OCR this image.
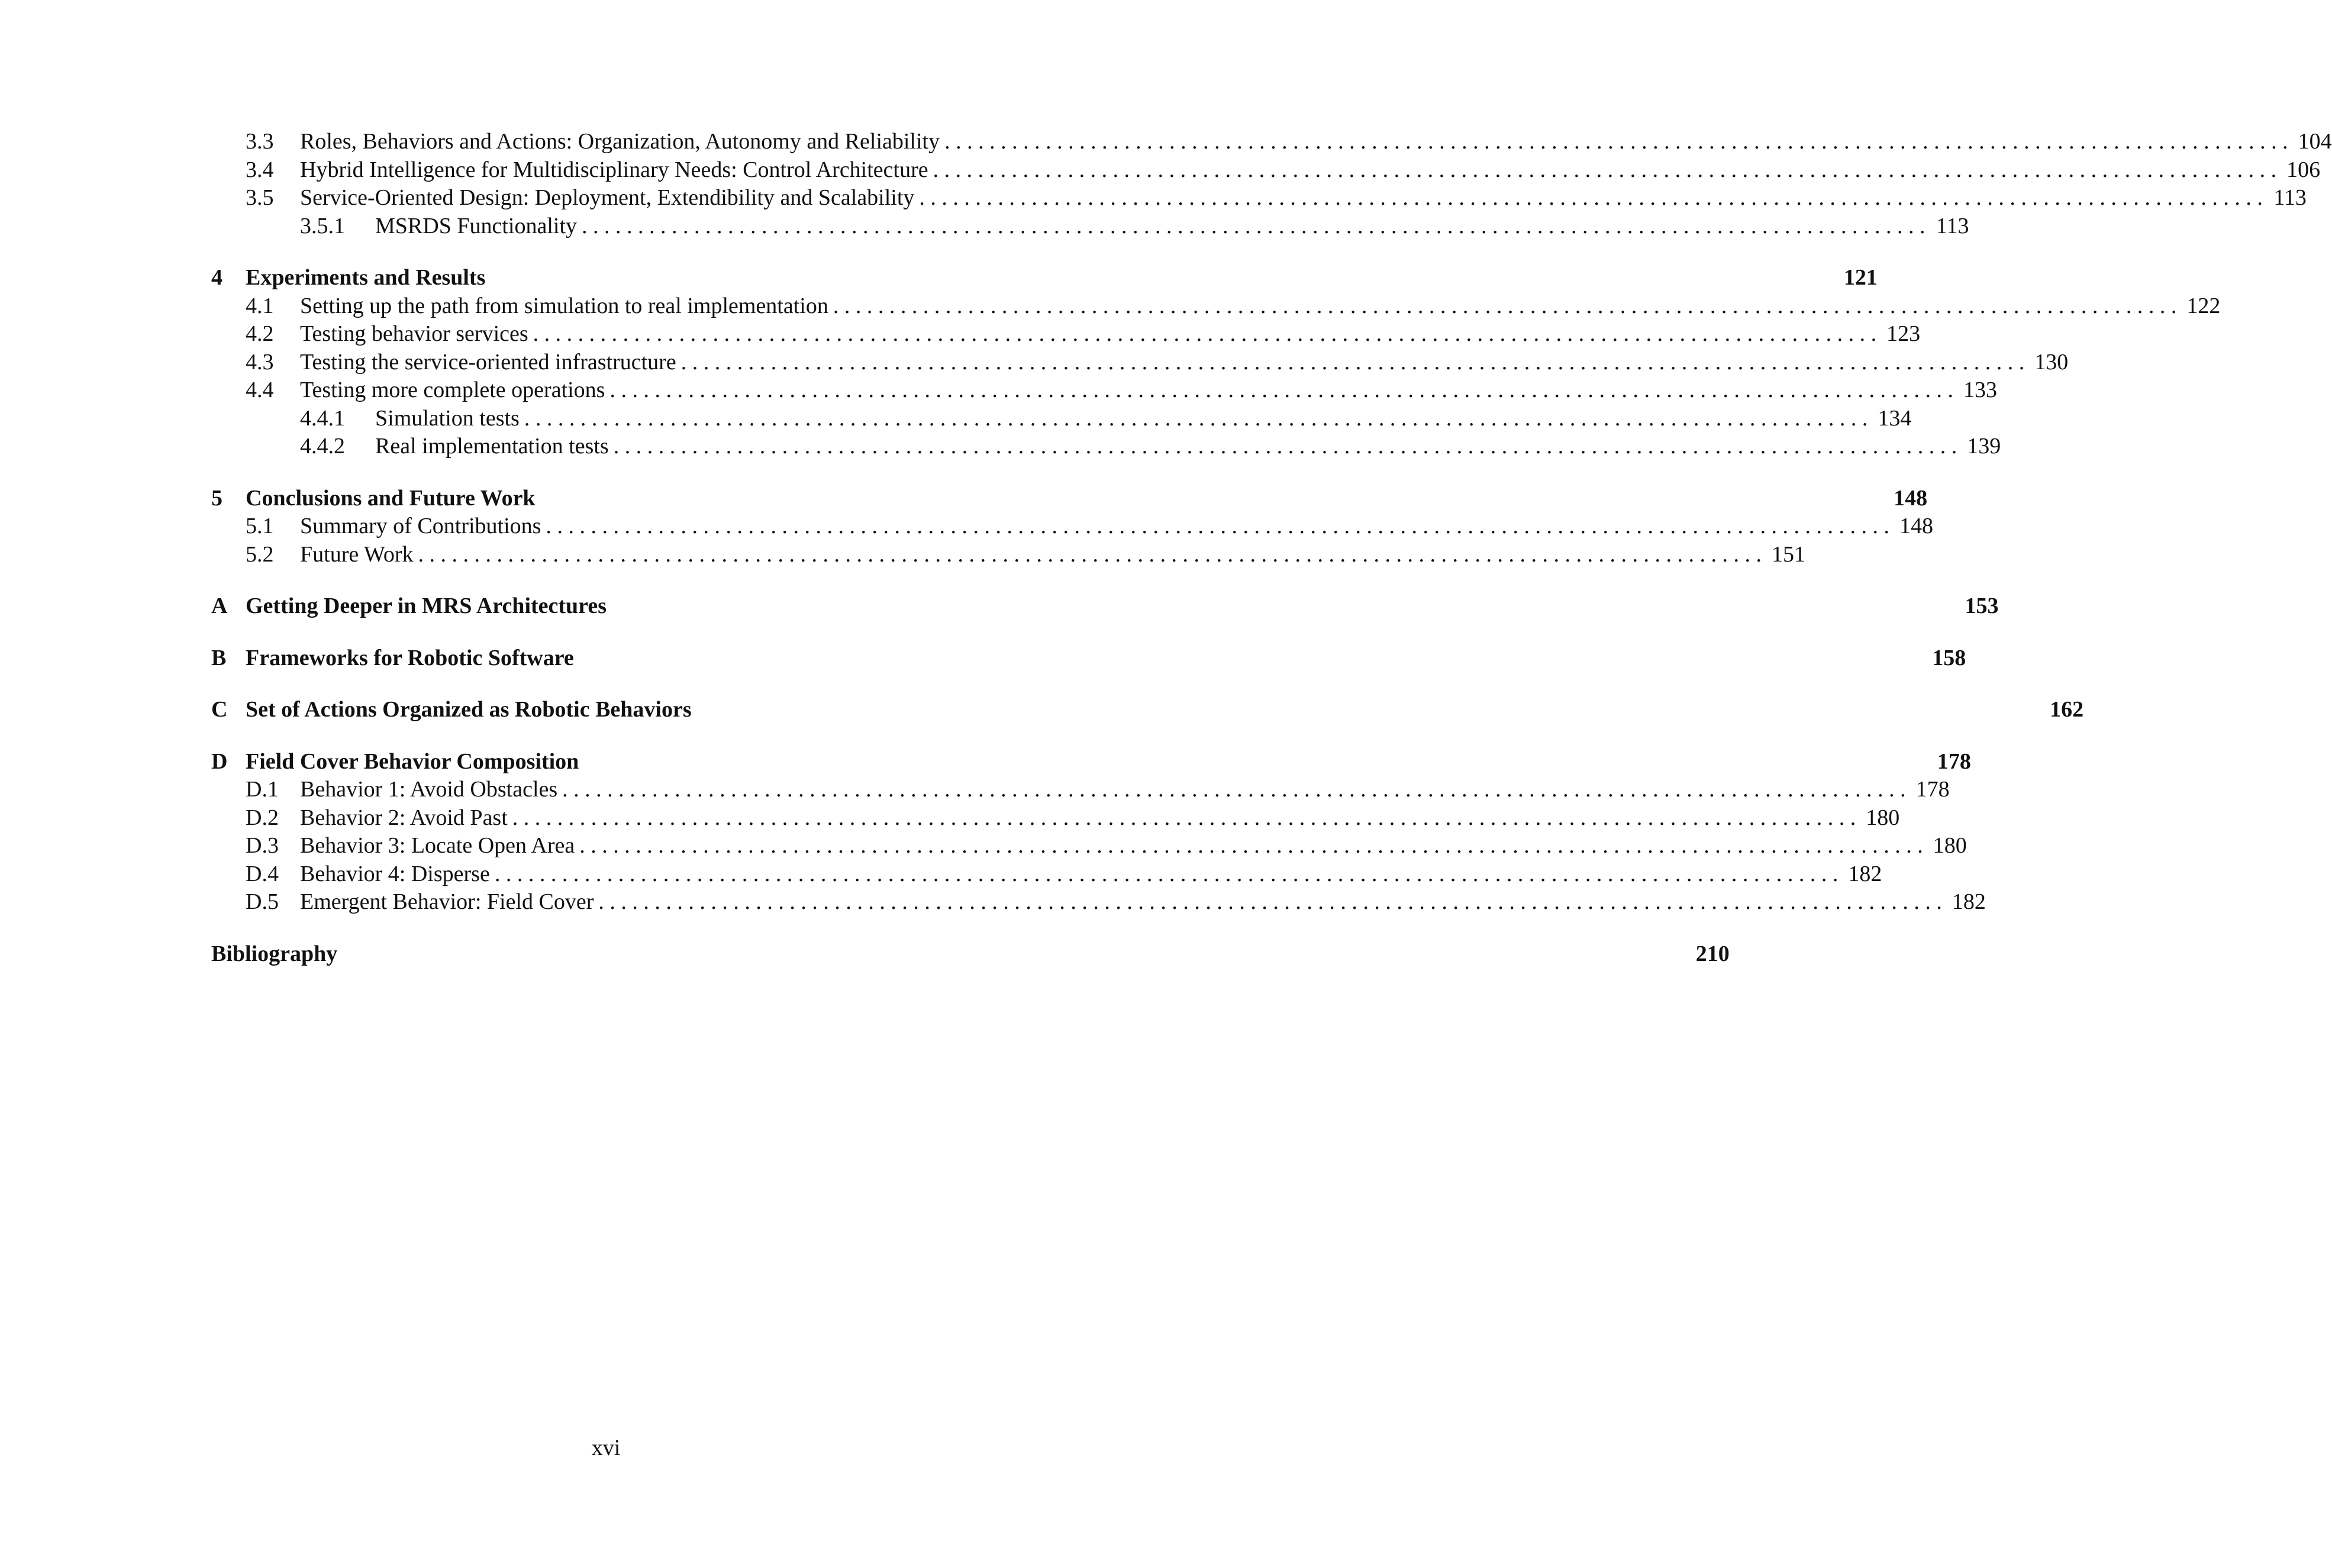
3.3	Roles, Behaviors and Actions: Organization, Autonomy and Reliability . . . . . . . . . . . . . . . . . . . . . . . . . . . . . . . . . . . . . . . . . . . . . . . . . . . . . . . . . . . . . . . . . . . . . . . . . . . . . . . . . . . . . . . . . . . . . . . . . . . . . . . . . . . . . . . . . . . . . . . . 104
3.4	Hybrid Intelligence for Multidisciplinary Needs: Control Architecture . . . . . . . . . . . . . . . . . . . . . . . . . . . . . . . . . . . . . . . . . . . . . . . . . . . . . . . . . . . . . . . . . . . . . . . . . . . . . . . . . . . . . . . . . . . . . . . . . . . . . . . . . . . . . . . . . . . . . . . . 106
3.5	Service-Oriented Design: Deployment, Extendibility and Scalability . . . . . . . . . . . . . . . . . . . . . . . . . . . . . . . . . . . . . . . . . . . . . . . . . . . . . . . . . . . . . . . . . . . . . . . . . . . . . . . . . . . . . . . . . . . . . . . . . . . . . . . . . . . . . . . . . . . . . . . . 113
3.5.1	MSRDS Functionality . . . . . . . . . . . . . . . . . . . . . . . . . . . . . . . . . . . . . . . . . . . . . . . . . . . . . . . . . . . . . . . . . . . . . . . . . . . . . . . . . . . . . . . . . . . . . . . . . . . . . . . . . . . . . . . . . . . . . . . . 113
4	Experiments and Results	121
4.1	Setting up the path from simulation to real implementation . . . . . . . . . . . . . . . . . . . . . . . . . . . . . . . . . . . . . . . . . . . . . . . . . . . . . . . . . . . . . . . . . . . . . . . . . . . . . . . . . . . . . . . . . . . . . . . . . . . . . . . . . . . . . . . . . . . . . . . . 122
4.2	Testing behavior services . . . . . . . . . . . . . . . . . . . . . . . . . . . . . . . . . . . . . . . . . . . . . . . . . . . . . . . . . . . . . . . . . . . . . . . . . . . . . . . . . . . . . . . . . . . . . . . . . . . . . . . . . . . . . . . . . . . . . . . . 123
4.3	Testing the service-oriented infrastructure . . . . . . . . . . . . . . . . . . . . . . . . . . . . . . . . . . . . . . . . . . . . . . . . . . . . . . . . . . . . . . . . . . . . . . . . . . . . . . . . . . . . . . . . . . . . . . . . . . . . . . . . . . . . . . . . . . . . . . . . 130
4.4	Testing more complete operations . . . . . . . . . . . . . . . . . . . . . . . . . . . . . . . . . . . . . . . . . . . . . . . . . . . . . . . . . . . . . . . . . . . . . . . . . . . . . . . . . . . . . . . . . . . . . . . . . . . . . . . . . . . . . . . . . . . . . . . . 133
4.4.1	Simulation tests . . . . . . . . . . . . . . . . . . . . . . . . . . . . . . . . . . . . . . . . . . . . . . . . . . . . . . . . . . . . . . . . . . . . . . . . . . . . . . . . . . . . . . . . . . . . . . . . . . . . . . . . . . . . . . . . . . . . . . . . 134
4.4.2	Real implementation tests . . . . . . . . . . . . . . . . . . . . . . . . . . . . . . . . . . . . . . . . . . . . . . . . . . . . . . . . . . . . . . . . . . . . . . . . . . . . . . . . . . . . . . . . . . . . . . . . . . . . . . . . . . . . . . . . . . . . . . . . 139
5	Conclusions and Future Work	148
5.1	Summary of Contributions . . . . . . . . . . . . . . . . . . . . . . . . . . . . . . . . . . . . . . . . . . . . . . . . . . . . . . . . . . . . . . . . . . . . . . . . . . . . . . . . . . . . . . . . . . . . . . . . . . . . . . . . . . . . . . . . . . . . . . . . 148
5.2	Future Work . . . . . . . . . . . . . . . . . . . . . . . . . . . . . . . . . . . . . . . . . . . . . . . . . . . . . . . . . . . . . . . . . . . . . . . . . . . . . . . . . . . . . . . . . . . . . . . . . . . . . . . . . . . . . . . . . . . . . . . . 151
A Getting Deeper in MRS Architectures	153
B Frameworks for Robotic Software	158
C Set of Actions Organized as Robotic Behaviors	162
D Field Cover Behavior Composition	178
D.1 Behavior 1: Avoid Obstacles . . . . . . . . . . . . . . . . . . . . . . . . . . . . . . . . . . . . . . . . . . . . . . . . . . . . . . . . . . . . . . . . . . . . . . . . . . . . . . . . . . . . . . . . . . . . . . . . . . . . . . . . . . . . . . . . . . . . . . . . 178
D.2 Behavior 2: Avoid Past . . . . . . . . . . . . . . . . . . . . . . . . . . . . . . . . . . . . . . . . . . . . . . . . . . . . . . . . . . . . . . . . . . . . . . . . . . . . . . . . . . . . . . . . . . . . . . . . . . . . . . . . . . . . . . . . . . . . . . . . 180
D.3 Behavior 3: Locate Open Area . . . . . . . . . . . . . . . . . . . . . . . . . . . . . . . . . . . . . . . . . . . . . . . . . . . . . . . . . . . . . . . . . . . . . . . . . . . . . . . . . . . . . . . . . . . . . . . . . . . . . . . . . . . . . . . . . . . . . . . . 180
D.4 Behavior 4: Disperse . . . . . . . . . . . . . . . . . . . . . . . . . . . . . . . . . . . . . . . . . . . . . . . . . . . . . . . . . . . . . . . . . . . . . . . . . . . . . . . . . . . . . . . . . . . . . . . . . . . . . . . . . . . . . . . . . . . . . . . . 182
D.5 Emergent Behavior: Field Cover . . . . . . . . . . . . . . . . . . . . . . . . . . . . . . . . . . . . . . . . . . . . . . . . . . . . . . . . . . . . . . . . . . . . . . . . . . . . . . . . . . . . . . . . . . . . . . . . . . . . . . . . . . . . . . . . . . . . . . . . 182
Bibliography	210
xvi
